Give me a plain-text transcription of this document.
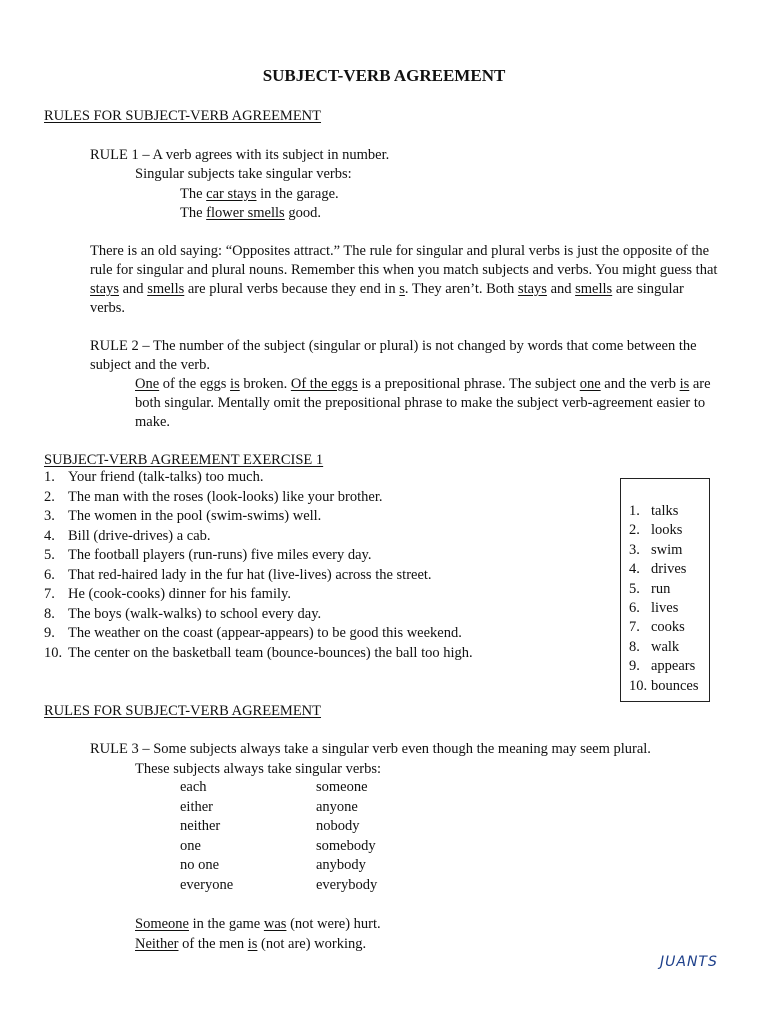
SUBJECT-VERB AGREEMENT
RULES FOR SUBJECT-VERB AGREEMENT
RULE 1 – A verb agrees with its subject in number.
Singular subjects take singular verbs:
The car stays in the garage.
The flower smells good.
There is an old saying: “Opposites attract.” The rule for singular and plural verbs is just the opposite of the rule for singular and plural nouns. Remember this when you match subjects and verbs. You might guess that stays and smells are plural verbs because they end in s. They aren’t. Both stays and smells are singular verbs.
RULE 2 – The number of the subject (singular or plural) is not changed by words that come between the subject and the verb.
One of the eggs is broken. Of the eggs is a prepositional phrase. The subject one and the verb is are both singular. Mentally omit the prepositional phrase to make the subject verb-agreement easier to make.
SUBJECT-VERB AGREEMENT EXERCISE 1
1. Your friend (talk-talks) too much.
2. The man with the roses (look-looks) like your brother.
3. The women in the pool (swim-swims) well.
4. Bill (drive-drives) a cab.
5. The football players (run-runs) five miles every day.
6. That red-haired lady in the fur hat (live-lives) across the street.
7. He (cook-cooks) dinner for his family.
8. The boys (walk-walks) to school every day.
9. The weather on the coast (appear-appears) to be good this weekend.
10. The center on the basketball team (bounce-bounces) the ball too high.
1. talks
2. looks
3. swim
4. drives
5. run
6. lives
7. cooks
8. walk
9. appears
10. bounces
RULES FOR SUBJECT-VERB AGREEMENT
RULE 3 – Some subjects always take a singular verb even though the meaning may seem plural.
These subjects always take singular verbs:
each
either
neither
one
no one
everyone
someone
anyone
nobody
somebody
anybody
everybody
Someone in the game was (not were) hurt.
Neither of the men is (not are) working.
JUANTS
